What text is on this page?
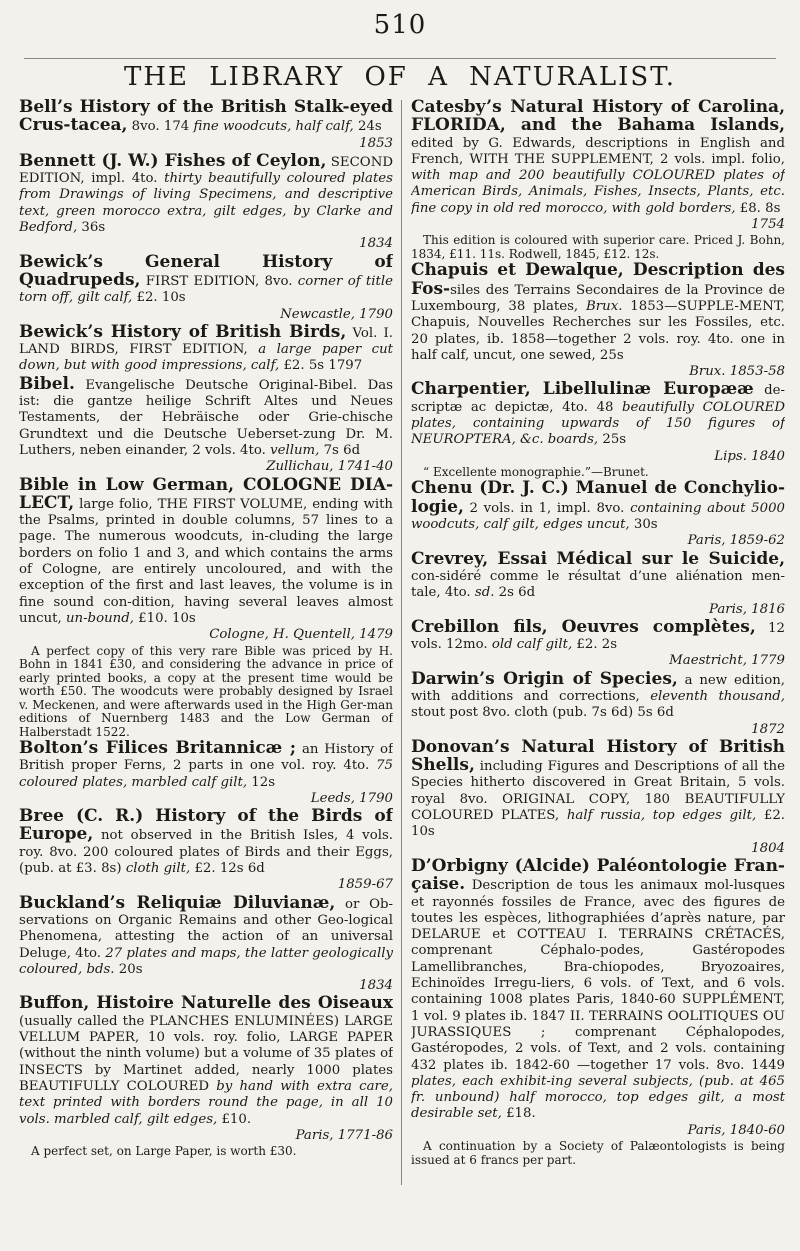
510
THE LIBRARY OF A NATURALIST.
Bell’s History of the British Stalk-eyed Crus-tacea, 8vo. 174 fine woodcuts, half calf, 24s
1853
Bennett (J. W.) Fishes of Ceylon, SECOND EDITION, impl. 4to. thirty beautifully coloured plates from Drawings of living Specimens, and descriptive text, green morocco extra, gilt edges, by Clarke and Bedford, 36s
1834
Bewick’s General History of Quadrupeds, FIRST EDITION, 8vo. corner of title torn off, gilt calf, £2. 10s
Newcastle, 1790
Bewick’s History of British Birds, Vol. I. LAND BIRDS, FIRST EDITION, a large paper cut down, but with good impressions, calf, £2. 5s 1797
Bibel. Evangelische Deutsche Original-Bibel. Das ist: die gantze heilige Schrift Altes und Neues Testaments, der Hebräische oder Grie-chische Grundtext und die Deutsche Ueberset-zung Dr. M. Luthers, neben einander, 2 vols. 4to. vellum, 7s 6d
Zullichau, 1741-40
Bible in Low German, COLOGNE DIA-LECT, large folio, THE FIRST VOLUME, ending with the Psalms, printed in double columns, 57 lines to a page. The numerous woodcuts, in-cluding the large borders on folio 1 and 3, and which contains the arms of Cologne, are entirely uncoloured, and with the exception of the first and last leaves, the volume is in fine sound con-dition, having several leaves almost uncut, un-bound, £10. 10s
Cologne, H. Quentell, 1479
A perfect copy of this very rare Bible was priced by H. Bohn in 1841 £30, and considering the advance in price of early printed books, a copy at the present time would be worth £50. The woodcuts were probably designed by Israel v. Meckenen, and were afterwards used in the High Ger-man editions of Nuernberg 1483 and the Low German of Halberstadt 1522.
Bolton’s Filices Britannicæ ; an History of British proper Ferns, 2 parts in one vol. roy. 4to. 75 coloured plates, marbled calf gilt, 12s
Leeds, 1790
Bree (C. R.) History of the Birds of Europe, not observed in the British Isles, 4 vols. roy. 8vo. 200 coloured plates of Birds and their Eggs, (pub. at £3. 8s) cloth gilt, £2. 12s 6d
1859-67
Buckland’s Reliquiæ Diluvianæ, or Ob-servations on Organic Remains and other Geo-logical Phenomena, attesting the action of an universal Deluge, 4to. 27 plates and maps, the latter geologically coloured, bds. 20s
1834
Buffon, Histoire Naturelle des Oiseaux (usually called the PLANCHES ENLUMINÉES) LARGE VELLUM PAPER, 10 vols. roy. folio, LARGE PAPER (without the ninth volume) but a volume of 35 plates of INSECTS by Martinet added, nearly 1000 plates BEAUTIFULLY COLOURED by hand with extra care, text printed with borders round the page, in all 10 vols. marbled calf, gilt edges, £10.
Paris, 1771-86
A perfect set, on Large Paper, is worth £30.
Catesby’s Natural History of Carolina, FLORIDA, and the Bahama Islands, edited by G. Edwards, descriptions in English and French, WITH THE SUPPLEMENT, 2 vols. impl. folio, with map and 200 beautifully COLOURED plates of American Birds, Animals, Fishes, Insects, Plants, etc. fine copy in old red morocco, with gold borders, £8. 8s
1754
This edition is coloured with superior care. Priced J. Bohn, 1834, £11. 11s. Rodwell, 1845, £12. 12s.
Chapuis et Dewalque, Description des Fos-siles des Terrains Secondaires de la Province de Luxembourg, 38 plates, Brux. 1853—SUPPLE-MENT, Chapuis, Nouvelles Recherches sur les Fossiles, etc. 20 plates, ib. 1858—together 2 vols. roy. 4to. one in half calf, uncut, one sewed, 25s
Brux. 1853-58
Charpentier, Libellulinæ Europææ de-scriptæ ac depictæ, 4to. 48 beautifully COLOURED plates, containing upwards of 150 figures of NEUROPTERA, &c. boards, 25s
Lips. 1840
“ Excellente monographie.”—Brunet.
Chenu (Dr. J. C.) Manuel de Conchylio-logie, 2 vols. in 1, impl. 8vo. containing about 5000 woodcuts, calf gilt, edges uncut, 30s
Paris, 1859-62
Crevrey, Essai Médical sur le Suicide, con-sidéré comme le résultat d’une aliénation men-tale, 4to. sd. 2s 6d
Paris, 1816
Crebillon fils, Oeuvres complètes, 12 vols. 12mo. old calf gilt, £2. 2s
Maestricht, 1779
Darwin’s Origin of Species, a new edition, with additions and corrections, eleventh thousand, stout post 8vo. cloth (pub. 7s 6d) 5s 6d
1872
Donovan’s Natural History of British Shells, including Figures and Descriptions of all the Species hitherto discovered in Great Britain, 5 vols. royal 8vo. ORIGINAL COPY, 180 BEAUTIFULLY COLOURED PLATES, half russia, top edges gilt, £2. 10s
1804
D’Orbigny (Alcide) Paléontologie Fran-çaise. Description de tous les animaux mol-lusques et rayonnés fossiles de France, avec des figures de toutes les espèces, lithographiées d’après nature, par DELARUE et COTTEAU I. TERRAINS CRÉTACÉS, comprenant Céphalo-podes, Gastéropodes Lamellibranches, Bra-chiopodes, Bryozoaires, Echinoïdes Irregu-liers, 6 vols. of Text, and 6 vols. containing 1008 plates Paris, 1840-60 SUPPLÉMENT, 1 vol. 9 plates ib. 1847 II. TERRAINS OOLITIQUES OU JURASSIQUES ; comprenant Céphalopodes, Gastéropodes, 2 vols. of Text, and 2 vols. containing 432 plates ib. 1842-60 —together 17 vols. 8vo. 1449 plates, each exhibit-ing several subjects, (pub. at 465 fr. unbound) half morocco, top edges gilt, a most desirable set, £18.
Paris, 1840-60
A continuation by a Society of Palæontologists is being issued at 6 francs per part.
